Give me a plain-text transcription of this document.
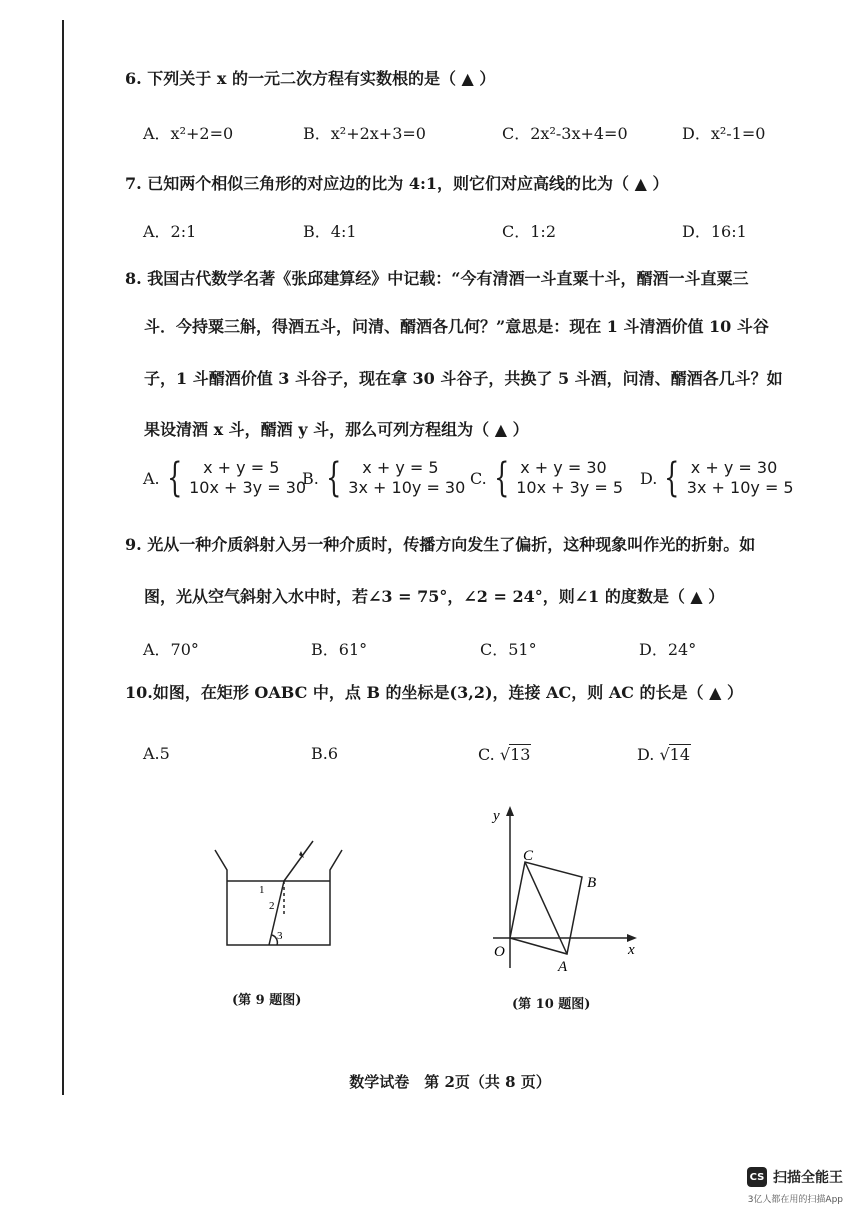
6. 下列关于 x 的一元二次方程有实数根的是（ ▲ ）
A．x²+2=0	B．x²+2x+3=0	C．2x²-3x+4=0	D．x²-1=0
7. 已知两个相似三角形的对应边的比为 4:1，则它们对应高线的比为（ ▲ ）
A．2:1	B．4:1	C．1:2	D．16:1
8. 我国古代数学名著《张邱建算经》中记载：“今有清酒一斗直粟十斗，醑酒一斗直粟三
斗．今持粟三斛，得酒五斗，问清、醑酒各几何？”意思是：现在 1 斗清酒价值 10 斗谷
子，1 斗醑酒价值 3 斗谷子，现在拿 30 斗谷子，共换了 5 斗酒，问清、醑酒各几斗？如
果设清酒 x 斗，醑酒 y 斗，那么可列方程组为（ ▲ ）
A. {	x + y = 5
10x + 3y = 30
B. {	x + y = 5
3x + 10y = 30 C. { x + y = 30
10x + 3y = 5 D. { x + y = 30
3x + 10y = 5
9. 光从一种介质斜射入另一种介质时，传播方向发生了偏折，这种现象叫作光的折射。如
图，光从空气斜射入水中时，若∠3 = 75°，∠2 = 24°，则∠1 的度数是（ ▲ ）
A．70°	B．61°	C．51°	D．24°
10.如图，在矩形 OABC 中，点 B 的坐标是(3,2)，连接 AC，则 AC 的长是（ ▲ ）
A.5	B.6	C. √13	D. √14
1
2
3
(第 9 题图)
y
x
O
A
B
C
(第 10 题图)
数学试卷　第 2页（共 8 页）
CS 扫描全能王
3亿人都在用的扫描App
